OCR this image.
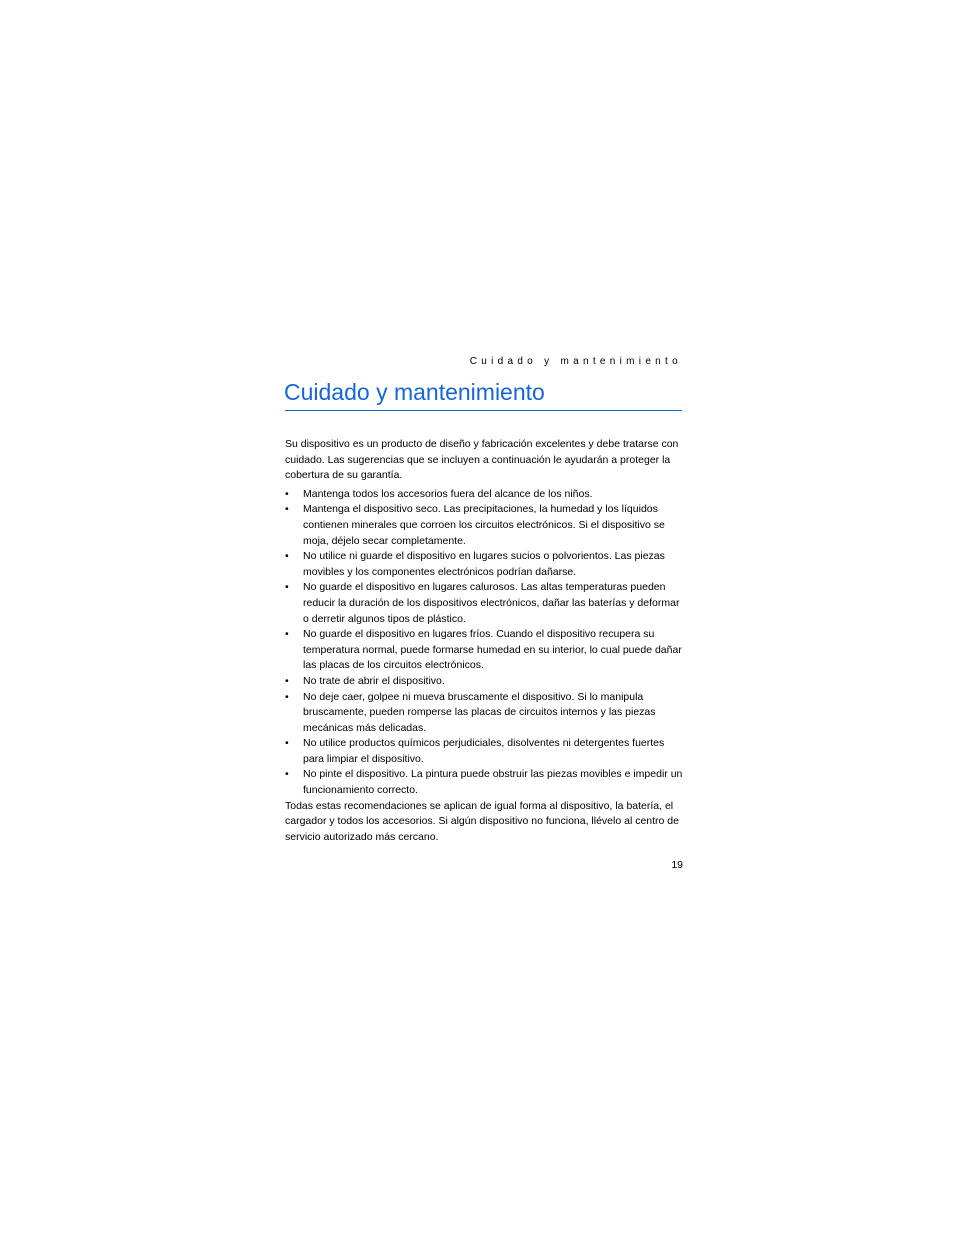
Cuidado y mantenimiento
Cuidado y mantenimiento

Su dispositivo es un producto de diseño y fabricación excelentes y debe tratarse con cuidado. Las sugerencias que se incluyen a continuación le ayudarán a proteger la cobertura de su garantía.

• Mantenga todos los accesorios fuera del alcance de los niños.
• Mantenga el dispositivo seco. Las precipitaciones, la humedad y los líquidos contienen minerales que corroen los circuitos electrónicos. Si el dispositivo se moja, déjelo secar completamente.
• No utilice ni guarde el dispositivo en lugares sucios o polvorientos. Las piezas movibles y los componentes electrónicos podrían dañarse.
• No guarde el dispositivo en lugares calurosos. Las altas temperaturas pueden reducir la duración de los dispositivos electrónicos, dañar las baterías y deformar o derretir algunos tipos de plástico.
• No guarde el dispositivo en lugares fríos. Cuando el dispositivo recupera su temperatura normal, puede formarse humedad en su interior, lo cual puede dañar las placas de los circuitos electrónicos.
• No trate de abrir el dispositivo.
• No deje caer, golpee ni mueva bruscamente el dispositivo. Si lo manipula bruscamente, pueden romperse las placas de circuitos internos y las piezas mecánicas más delicadas.
• No utilice productos químicos perjudiciales, disolventes ni detergentes fuertes para limpiar el dispositivo.
• No pinte el dispositivo. La pintura puede obstruir las piezas movibles e impedir un funcionamiento correcto.

Todas estas recomendaciones se aplican de igual forma al dispositivo, la batería, el cargador y todos los accesorios. Si algún dispositivo no funciona, llévelo al centro de servicio autorizado más cercano.

19
